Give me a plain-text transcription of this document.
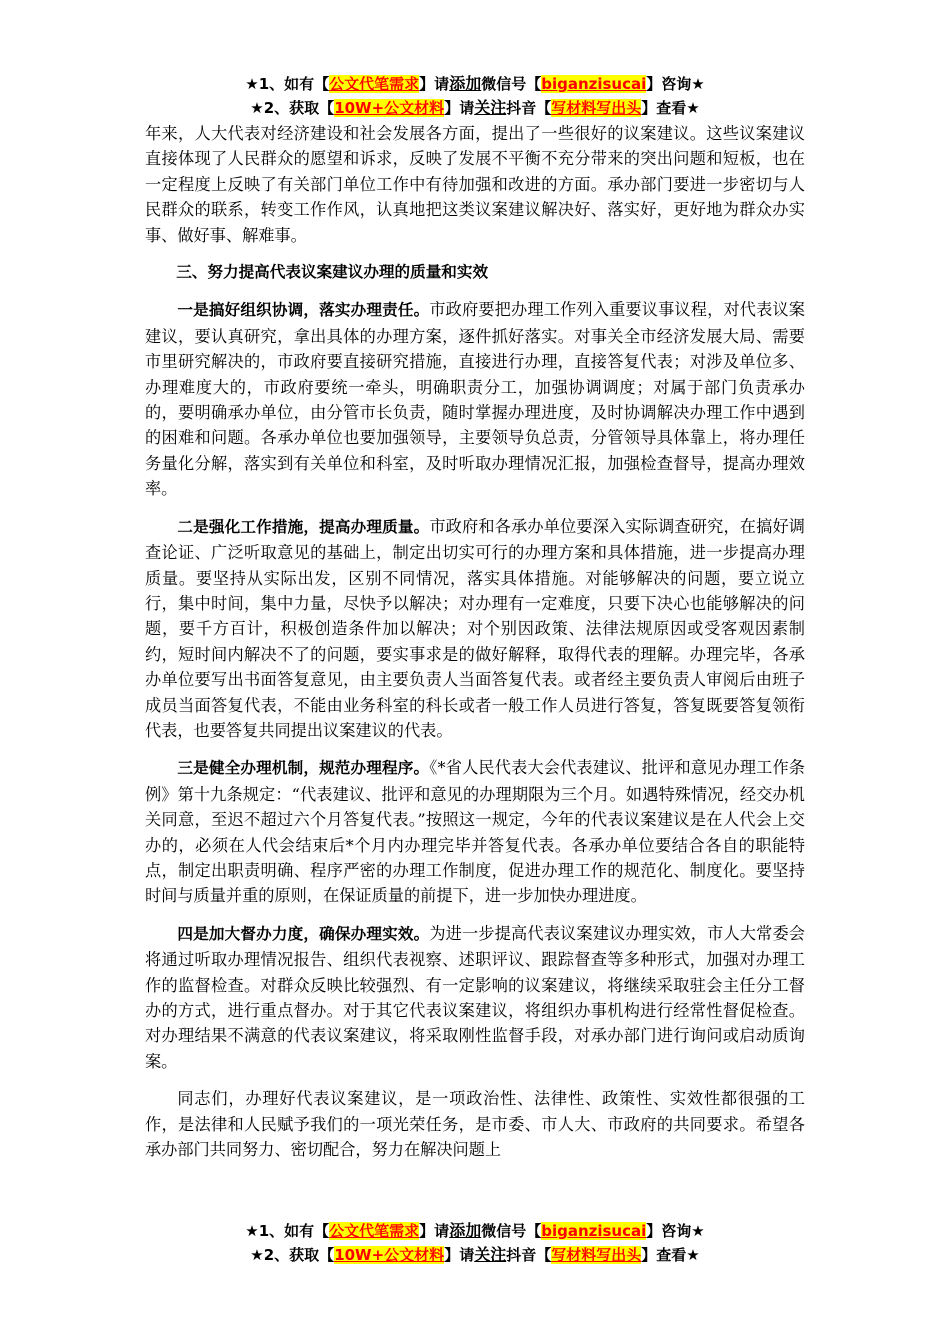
★1、如有【公文代笔需求】请添加微信号【biganzisucai】咨询★
★2、获取【10W+公文材料】请关注抖音【写材料写出头】查看★

年来，人大代表对经济建设和社会发展各方面，提出了一些很好的议案建议。这些议案建议直接体现了人民群众的愿望和诉求，反映了发展不平衡不充分带来的突出问题和短板，也在一定程度上反映了有关部门单位工作中有待加强和改进的方面。承办部门要进一步密切与人民群众的联系，转变工作作风，认真地把这类议案建议解决好、落实好，更好地为群众办实事、做好事、解难事。

三、努力提高代表议案建议办理的质量和实效

一是搞好组织协调，落实办理责任。市政府要把办理工作列入重要议事议程，对代表议案建议，要认真研究，拿出具体的办理方案，逐件抓好落实。对事关全市经济发展大局、需要市里研究解决的，市政府要直接研究措施，直接进行办理，直接答复代表；对涉及单位多、办理难度大的，市政府要统一牵头，明确职责分工，加强协调调度；对属于部门负责承办的，要明确承办单位，由分管市长负责，随时掌握办理进度，及时协调解决办理工作中遇到的困难和问题。各承办单位也要加强领导，主要领导负总责，分管领导具体靠上，将办理任务量化分解，落实到有关单位和科室，及时听取办理情况汇报，加强检查督导，提高办理效率。

二是强化工作措施，提高办理质量。市政府和各承办单位要深入实际调查研究，在搞好调查论证、广泛听取意见的基础上，制定出切实可行的办理方案和具体措施，进一步提高办理质量。要坚持从实际出发，区别不同情况，落实具体措施。对能够解决的问题，要立说立行，集中时间，集中力量，尽快予以解决；对办理有一定难度，只要下决心也能够解决的问题，要千方百计，积极创造条件加以解决；对个别因政策、法律法规原因或受客观因素制约，短时间内解决不了的问题，要实事求是的做好解释，取得代表的理解。办理完毕，各承办单位要写出书面答复意见，由主要负责人当面答复代表。或者经主要负责人审阅后由班子成员当面答复代表，不能由业务科室的科长或者一般工作人员进行答复，答复既要答复领衔代表，也要答复共同提出议案建议的代表。

三是健全办理机制，规范办理程序。《*省人民代表大会代表建议、批评和意见办理工作条例》第十九条规定：“代表建议、批评和意见的办理期限为三个月。如遇特殊情况，经交办机关同意，至迟不超过六个月答复代表。”按照这一规定，今年的代表议案建议是在人代会上交办的，必须在人代会结束后*个月内办理完毕并答复代表。各承办单位要结合各自的职能特点，制定出职责明确、程序严密的办理工作制度，促进办理工作的规范化、制度化。要坚持时间与质量并重的原则，在保证质量的前提下，进一步加快办理进度。

四是加大督办力度，确保办理实效。为进一步提高代表议案建议办理实效，市人大常委会将通过听取办理情况报告、组织代表视察、述职评议、跟踪督查等多种形式，加强对办理工作的监督检查。对群众反映比较强烈、有一定影响的议案建议，将继续采取驻会主任分工督办的方式，进行重点督办。对于其它代表议案建议，将组织办事机构进行经常性督促检查。对办理结果不满意的代表议案建议，将采取刚性监督手段，对承办部门进行询问或启动质询案。

同志们，办理好代表议案建议，是一项政治性、法律性、政策性、实效性都很强的工作，是法律和人民赋予我们的一项光荣任务，是市委、市人大、市政府的共同要求。希望各承办部门共同努力、密切配合，努力在解决问题上

★1、如有【公文代笔需求】请添加微信号【biganzisucai】咨询★
★2、获取【10W+公文材料】请关注抖音【写材料写出头】查看★
